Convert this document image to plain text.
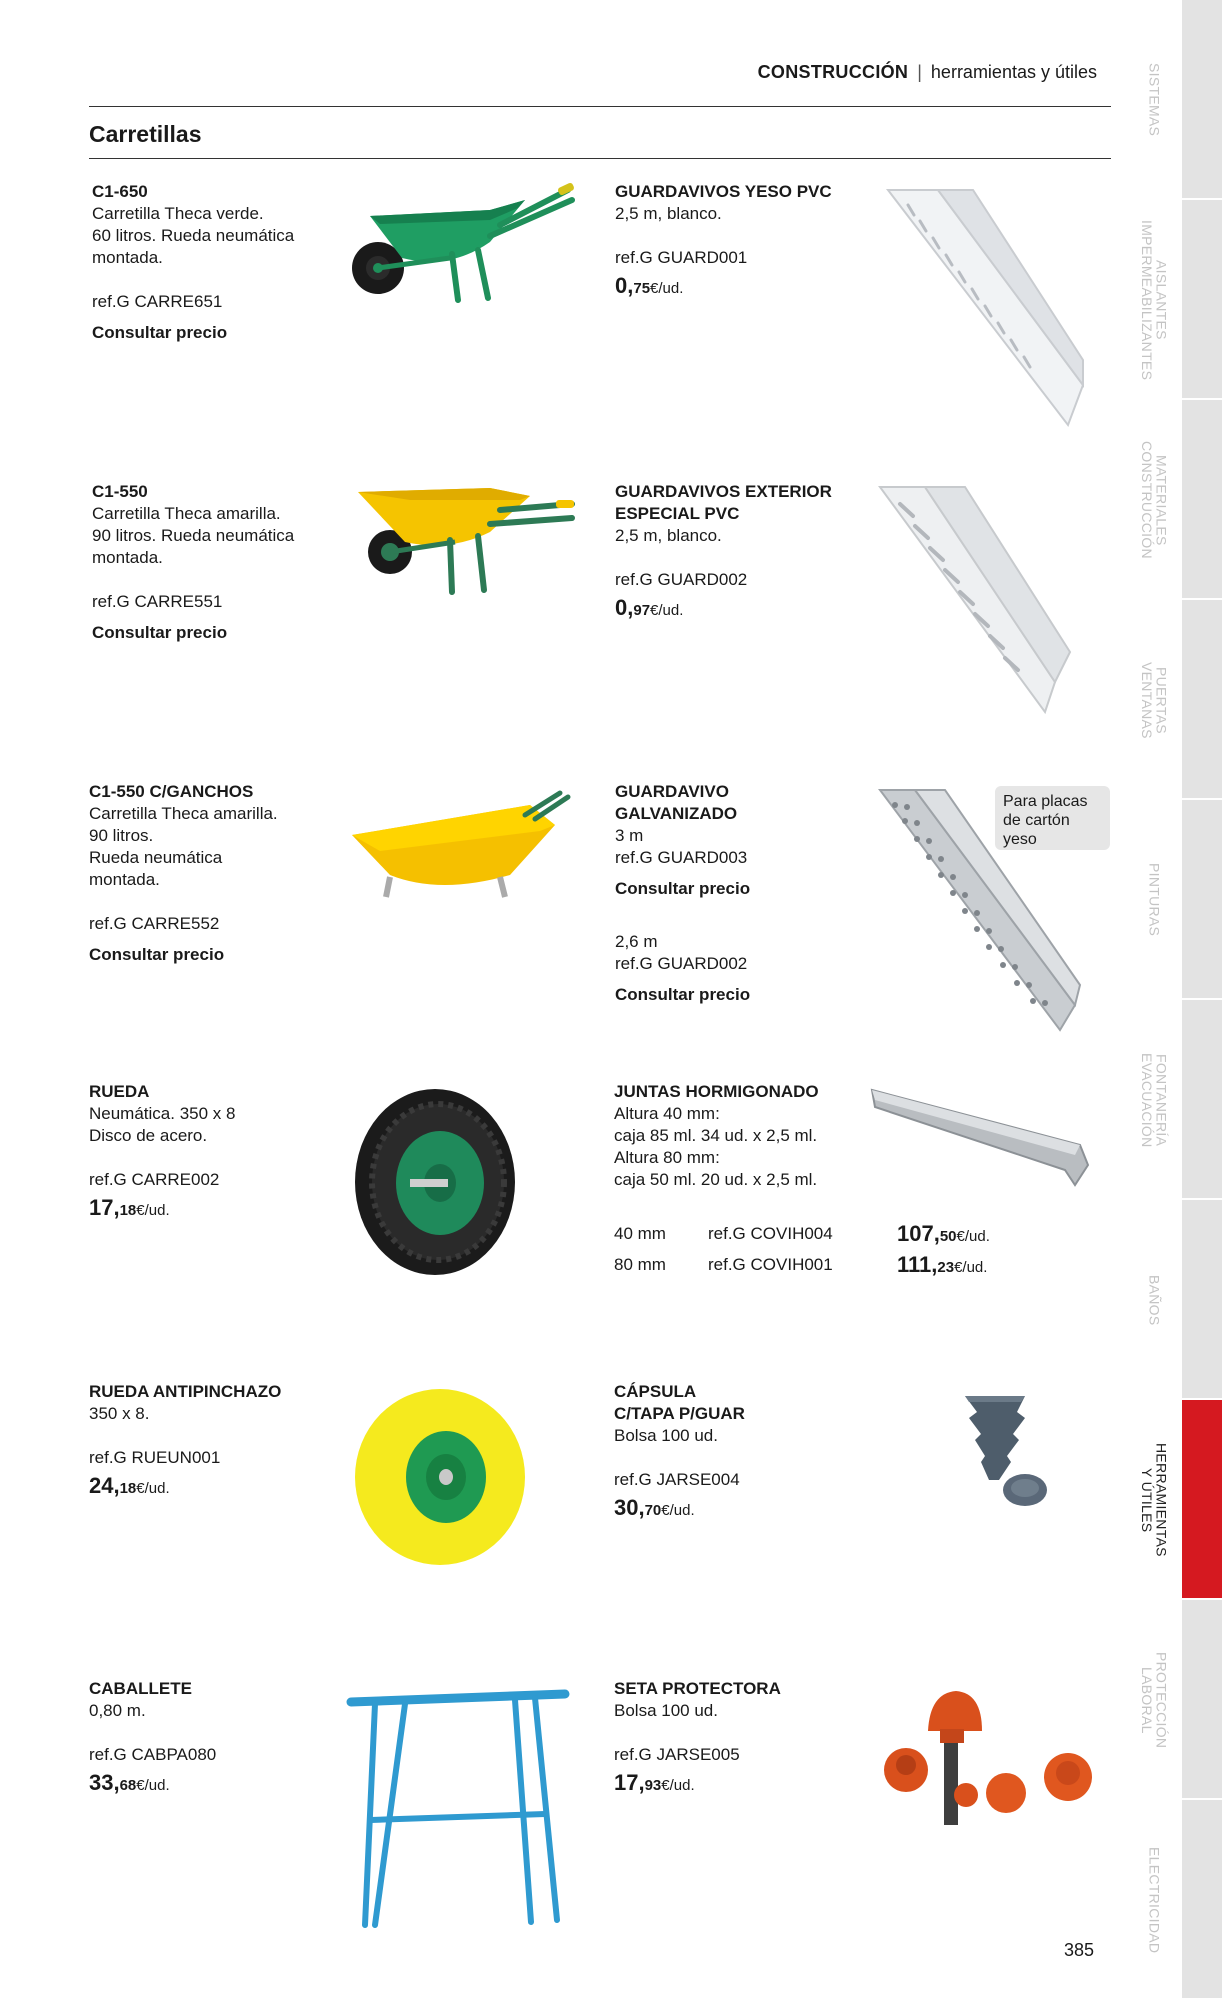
CONSTRUCCIÓN | herramientas y útiles
Carretillas	SISTEMAS
AISLANTES
IMPERMEABILIZANTES
MATERIALES
CONSTRUCCIÓN
PUERTAS
VENTANAS
PINTURAS
FONTANERÍA
EVACUACIÓN
BAÑOS
HERRAMIENTAS
Y ÚTILES
PROTECCIÓN
LABORAL
ELECTRICIDAD
C1-650
Carretilla Theca verde.
60 litros. Rueda neumática
montada.
ref.G CARRE651
Consultar precio
C1-550
Carretilla Theca amarilla.
90 litros. Rueda neumática
montada.
ref.G CARRE551
Consultar precio
C1-550 C/GANCHOS
Carretilla Theca amarilla.
90 litros.
Rueda neumática
montada.
ref.G CARRE552
Consultar precio
RUEDA
Neumática. 350 x 8
Disco de acero.
ref.G CARRE002
17,18€/ud.
RUEDA ANTIPINCHAZO
350 x 8.
ref.G RUEUN001
24,18€/ud.
CABALLETE
0,80 m.
ref.G CABPA080
33,68€/ud.
GUARDAVIVOS YESO PVC
2,5 m, blanco.
ref.G GUARD001
0,75€/ud.
GUARDAVIVOS EXTERIOR
ESPECIAL PVC
2,5 m, blanco.
ref.G GUARD002
0,97€/ud.
GUARDAVIVO
GALVANIZADO
3 m
ref.G GUARD003
Consultar precio
2,6 m
ref.G GUARD002
Consultar precio
Para placas
de cartón
yeso
JUNTAS HORMIGONADO
Altura 40 mm:
caja 85 ml. 34 ud. x 2,5 ml.
Altura 80 mm:
caja 50 ml. 20 ud. x 2,5 ml.
40 mm	ref.G COVIH004	107,50€/ud.
80 mm	ref.G COVIH001	111,23€/ud.
CÁPSULA
C/TAPA P/GUAR
Bolsa 100 ud.
ref.G JARSE004
30,70€/ud.
SETA PROTECTORA
Bolsa 100 ud.
ref.G JARSE005
17,93€/ud.
385
